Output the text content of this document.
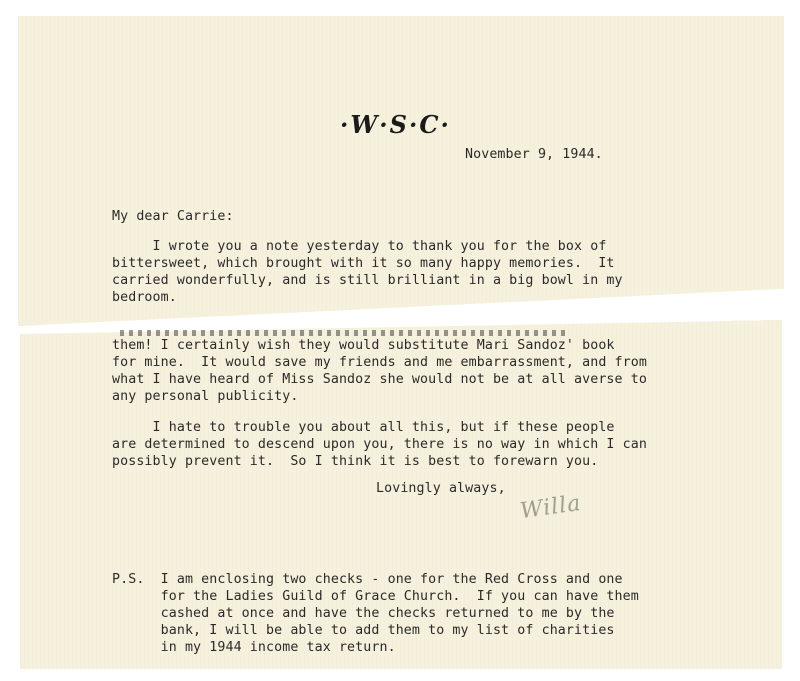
·W·S·C·
November 9, 1944.
My dear Carrie:
I wrote you a note yesterday to thank you for the box of
bittersweet, which brought with it so many happy memories.  It
carried wonderfully, and is still brilliant in a big bowl in my
bedroom.
them! I certainly wish they would substitute Mari Sandoz' book
for mine.  It would save my friends and me embarrassment, and from
what I have heard of Miss Sandoz she would not be at all averse to
any personal publicity.
I hate to trouble you about all this, but if these people
are determined to descend upon you, there is no way in which I can
possibly prevent it.  So I think it is best to forewarn you.
Lovingly always,
Willa
P.S.  I am enclosing two checks - one for the Red Cross and one
for the Ladies Guild of Grace Church.  If you can have them
cashed at once and have the checks returned to me by the
bank, I will be able to add them to my list of charities
in my 1944 income tax return.
